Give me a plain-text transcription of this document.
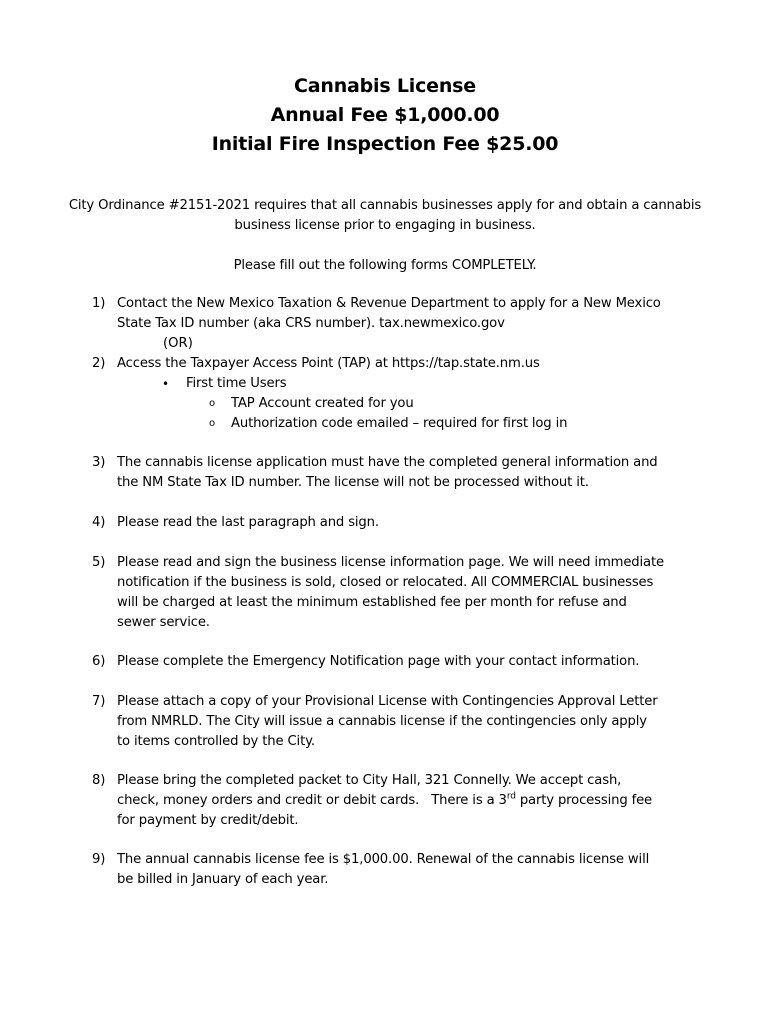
Cannabis License
Annual Fee $1,000.00
Initial Fire Inspection Fee $25.00
City Ordinance #2151-2021 requires that all cannabis businesses apply for and obtain a cannabis business license prior to engaging in business.
Please fill out the following forms COMPLETELY.
1) Contact the New Mexico Taxation & Revenue Department to apply for a New Mexico
State Tax ID number (aka CRS number). tax.newmexico.gov
(OR)
2) Access the Taxpayer Access Point (TAP) at https://tap.state.nm.us
• First time Users
o TAP Account created for you
o Authorization code emailed – required for first log in
3) The cannabis license application must have the completed general information and
the NM State Tax ID number. The license will not be processed without it.
4) Please read the last paragraph and sign.
5) Please read and sign the business license information page. We will need immediate
notification if the business is sold, closed or relocated. All COMMERCIAL businesses
will be charged at least the minimum established fee per month for refuse and
sewer service.
6) Please complete the Emergency Notification page with your contact information.
7) Please attach a copy of your Provisional License with Contingencies Approval Letter
from NMRLD. The City will issue a cannabis license if the contingencies only apply
to items controlled by the City.
8) Please bring the completed packet to City Hall, 321 Connelly. We accept cash,
check, money orders and credit or debit cards.   There is a 3rd party processing fee
for payment by credit/debit.
9) The annual cannabis license fee is $1,000.00. Renewal of the cannabis license will
be billed in January of each year.
